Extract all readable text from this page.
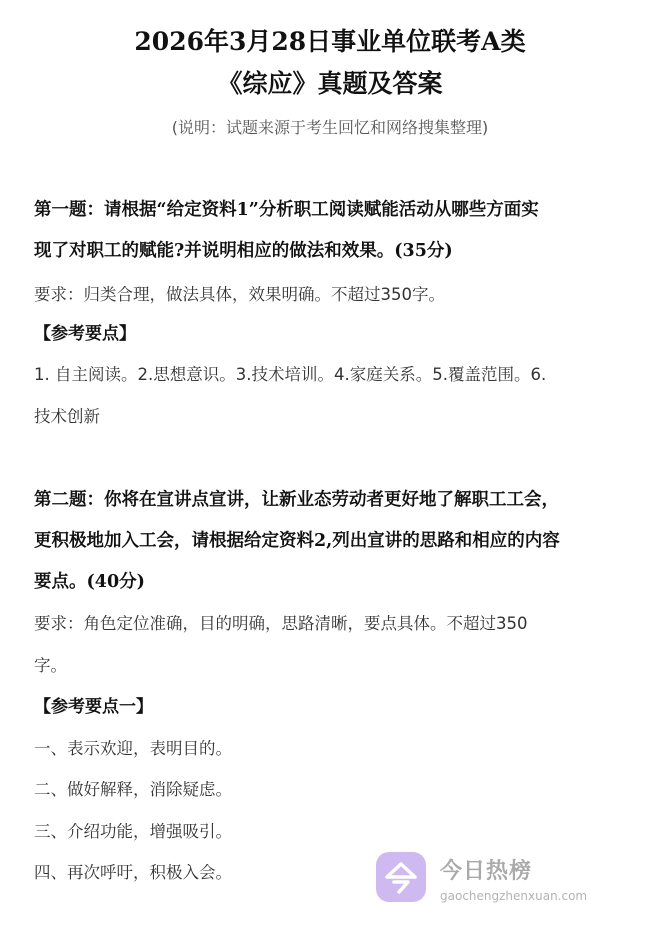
2026年3月28日事业单位联考A类
《综应》真题及答案
(说明：试题来源于考生回忆和网络搜集整理)
第一题：请根据“给定资料1”分析职工阅读赋能活动从哪些方面实
现了对职工的赋能?并说明相应的做法和效果。(35分)
要求：归类合理，做法具体，效果明确。不超过350字。
【参考要点】
1. 自主阅读。2.思想意识。3.技术培训。4.家庭关系。5.覆盖范围。6.
技术创新
第二题：你将在宣讲点宣讲，让新业态劳动者更好地了解职工工会，
更积极地加入工会，请根据给定资料2,列出宣讲的思路和相应的内容
要点。(40分)
要求：角色定位准确，目的明确，思路清晰，要点具体。不超过350
字。
【参考要点一】
一、表示欢迎，表明目的。
二、做好解释，消除疑虑。
三、介绍功能，增强吸引。
四、再次呼吁，积极入会。	今日热榜
gaochengzhenxuan.com
